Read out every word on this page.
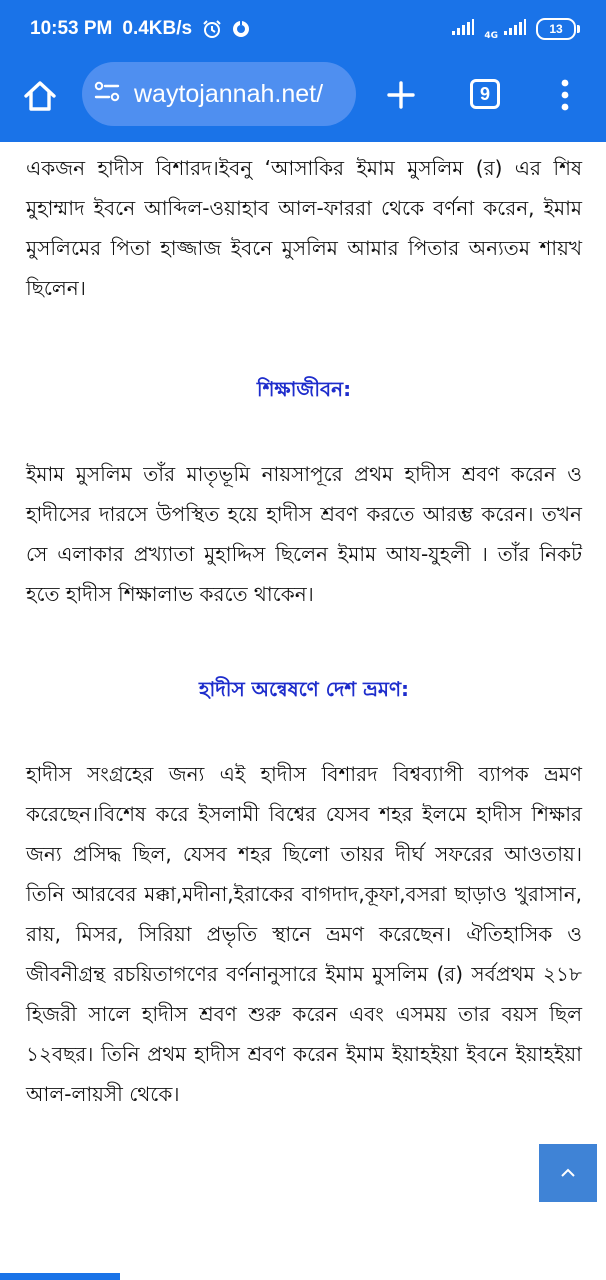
10:53 PM 0.4KB/s	4G	13
waytojannah.net/	9

একজন হাদীস বিশারদ।ইবনু ‘আসাকির ইমাম মুসলিম (র) এর শিষ মুহাম্মাদ ইবনে আব্দিল-ওয়াহাব আল-ফাররা থেকে বর্ণনা করেন, ইমাম মুসলিমের পিতা হাজ্জাজ ইবনে মুসলিম আমার পিতার অন্যতম শায়খ ছিলেন।

শিক্ষাজীবন:

ইমাম মুসলিম তাঁর মাতৃভূমি নায়সাপূরে প্রথম হাদীস শ্রবণ করেন ও হাদীসের দারসে উপস্থিত হয়ে হাদীস শ্রবণ করতে আরম্ভ করেন। তখন সে এলাকার প্রখ্যাতা মুহাদ্দিস ছিলেন ইমাম আয-যুহলী । তাঁর নিকট হতে হাদীস শিক্ষালাভ করতে থাকেন।

হাদীস অন্বেষণে দেশ ভ্রমণ:

হাদীস সংগ্রহের জন্য এই হাদীস বিশারদ বিশ্বব্যাপী ব্যাপক ভ্রমণ করেছেন।বিশেষ করে ইসলামী বিশ্বের যেসব শহর ইলমে হাদীস শিক্ষার জন্য প্রসিদ্ধ ছিল, যেসব শহর ছিলো তায়র দীর্ঘ সফরের আওতায়। তিনি আরবের মক্কা,মদীনা,ইরাকের বাগদাদ,কূফা,বসরা ছাড়াও খুরাসান, রায়, মিসর, সিরিয়া প্রভৃতি স্থানে ভ্রমণ করেছেন। ঐতিহাসিক ও জীবনীগ্রন্থ রচয়িতাগণের বর্ণনানুসারে ইমাম মুসলিম (র) সর্বপ্রথম ২১৮ হিজরী সালে হাদীস শ্রবণ শুরু করেন এবং এসময় তার বয়স ছিল ১২বছর। তিনি প্রথম হাদীস শ্রবণ করেন ইমাম ইয়াহইয়া ইবনে ইয়াহইয়া আল-লায়সী থেকে।
